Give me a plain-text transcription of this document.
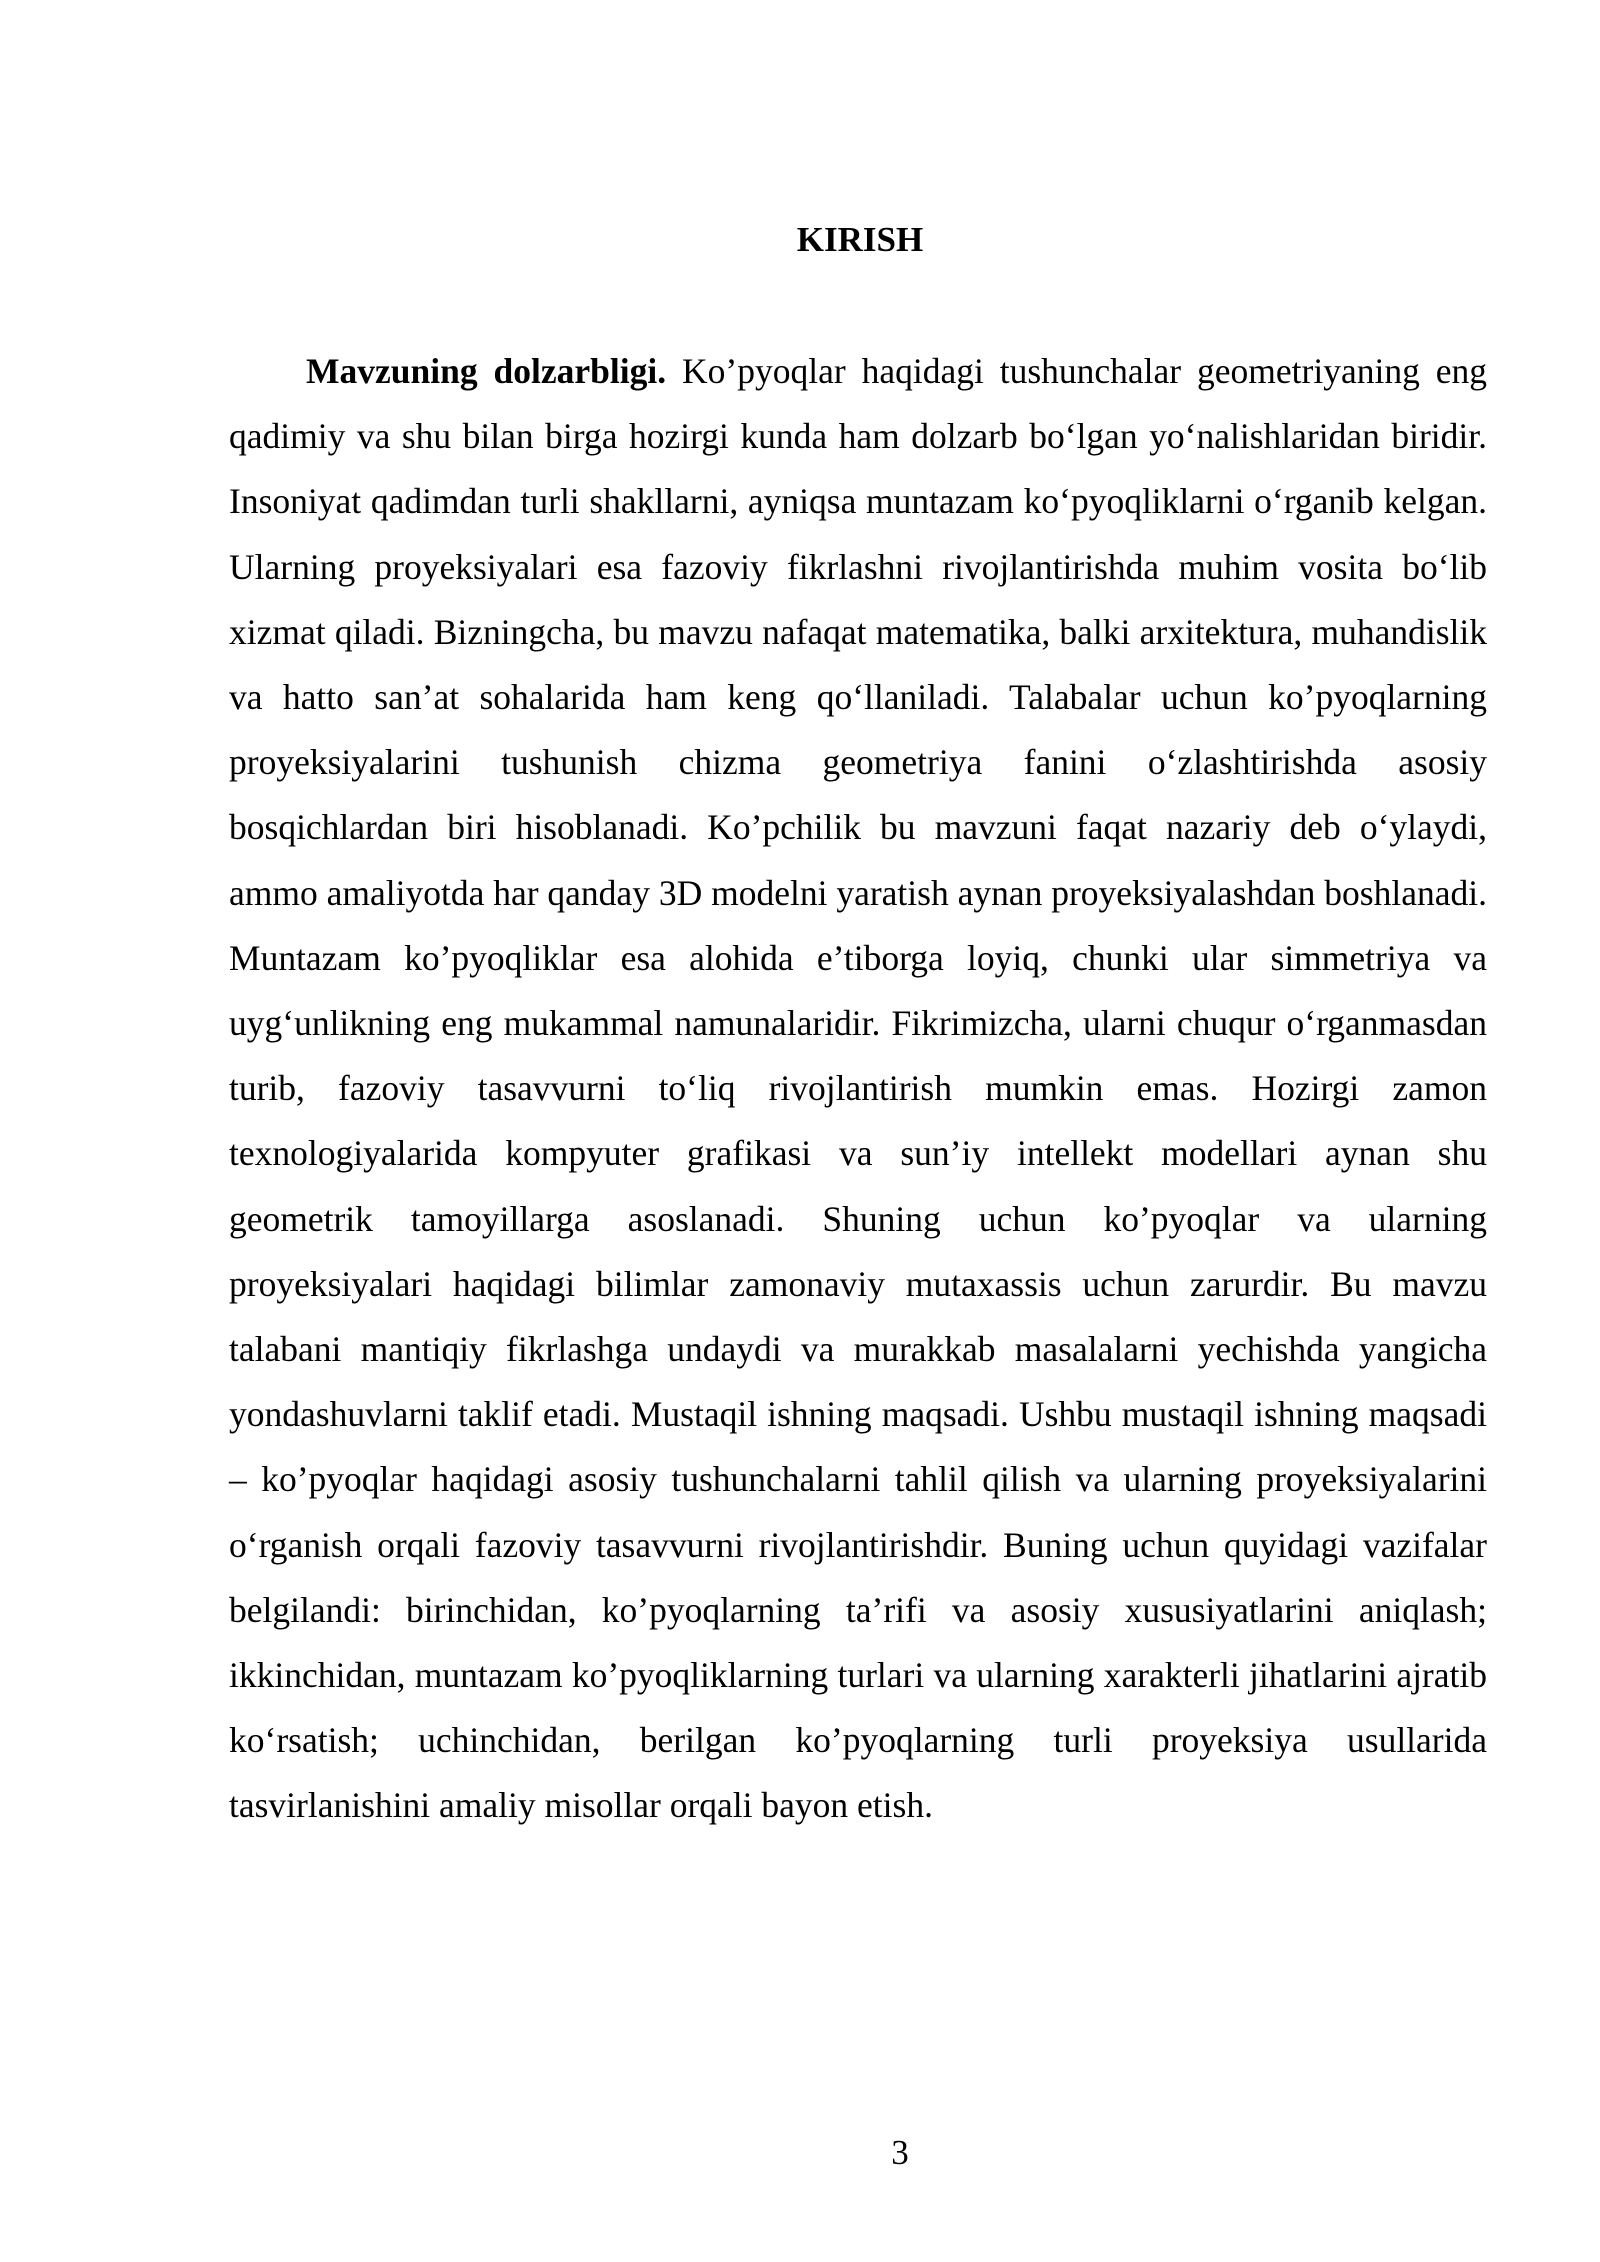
KIRISH

Mavzuning dolzarbligi. Ko’pyoqlar haqidagi tushunchalar geometriyaning eng qadimiy va shu bilan birga hozirgi kunda ham dolzarb bo‘lgan yo‘nalishlaridan biridir. Insoniyat qadimdan turli shakllarni, ayniqsa muntazam ko‘pyoqliklarni o‘rganib kelgan. Ularning proyeksiyalari esa fazoviy fikrlashni rivojlantirishda muhim vosita bo‘lib xizmat qiladi. Bizningcha, bu mavzu nafaqat matematika, balki arxitektura, muhandislik va hatto san’at sohalarida ham keng qo‘llaniladi. Talabalar uchun ko’pyoqlarning proyeksiyalarini tushunish chizma geometriya fanini o‘zlashtirishda asosiy bosqichlardan biri hisoblanadi. Ko’pchilik bu mavzuni faqat nazariy deb o‘ylaydi, ammo amaliyotda har qanday 3D modelni yaratish aynan proyeksiyalashdan boshlanadi. Muntazam ko’pyoqliklar esa alohida e’tiborga loyiq, chunki ular simmetriya va uyg‘unlikning eng mukammal namunalaridir. Fikrimizcha, ularni chuqur o‘rganmasdan turib, fazoviy tasavvurni to‘liq rivojlantirish mumkin emas. Hozirgi zamon texnologiyalarida kompyuter grafikasi va sun’iy intellekt modellari aynan shu geometrik tamoyillarga asoslanadi. Shuning uchun ko’pyoqlar va ularning proyeksiyalari haqidagi bilimlar zamonaviy mutaxassis uchun zarurdir. Bu mavzu talabani mantiqiy fikrlashga undaydi va murakkab masalalarni yechishda yangicha yondashuvlarni taklif etadi. Mustaqil ishning maqsadi. Ushbu mustaqil ishning maqsadi – ko’pyoqlar haqidagi asosiy tushunchalarni tahlil qilish va ularning proyeksiyalarini o‘rganish orqali fazoviy tasavvurni rivojlantirishdir. Buning uchun quyidagi vazifalar belgilandi: birinchidan, ko’pyoqlarning ta’rifi va asosiy xususiyatlarini aniqlash; ikkinchidan, muntazam ko’pyoqliklarning turlari va ularning xarakterli jihatlarini ajratib ko‘rsatish; uchinchidan, berilgan ko’pyoqlarning turli proyeksiya usullarida tasvirlanishini amaliy misollar orqali bayon etish.

3
